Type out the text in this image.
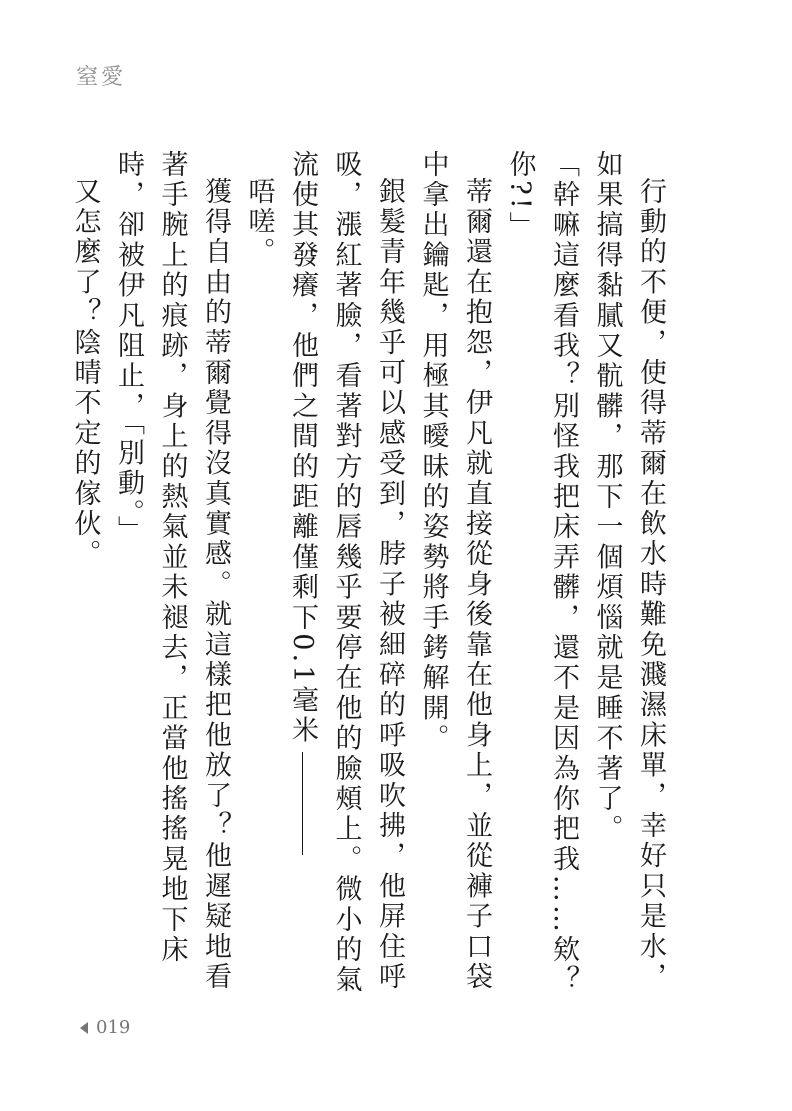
窒愛

行動的不便，使得蒂爾在飲水時難免濺濕床單，幸好只是水，如果搞得黏膩又骯髒，那下一個煩惱就是睡不著了。

「幹嘛這麼看我？別怪我把床弄髒，還不是因為你把我……欸？你?!」

蒂爾還在抱怨，伊凡就直接從身後靠在他身上，並從褲子口袋中拿出鑰匙，用極其曖昧的姿勢將手銬解開。

銀髮青年幾乎可以感受到，脖子被細碎的呼吸吹拂，他屏住呼吸，漲紅著臉，看著對方的唇幾乎要停在他的臉頰上。微小的氣流使其發癢，他們之間的距離僅剩下0.1毫米

唔嗟。

獲得自由的蒂爾覺得沒真實感。就這樣把他放了？他遲疑地看著手腕上的痕跡，身上的熱氣並未褪去，正當他搖搖晃地下床時，卻被伊凡阻止，「別動。」

又怎麼了？陰晴不定的傢伙。

019
